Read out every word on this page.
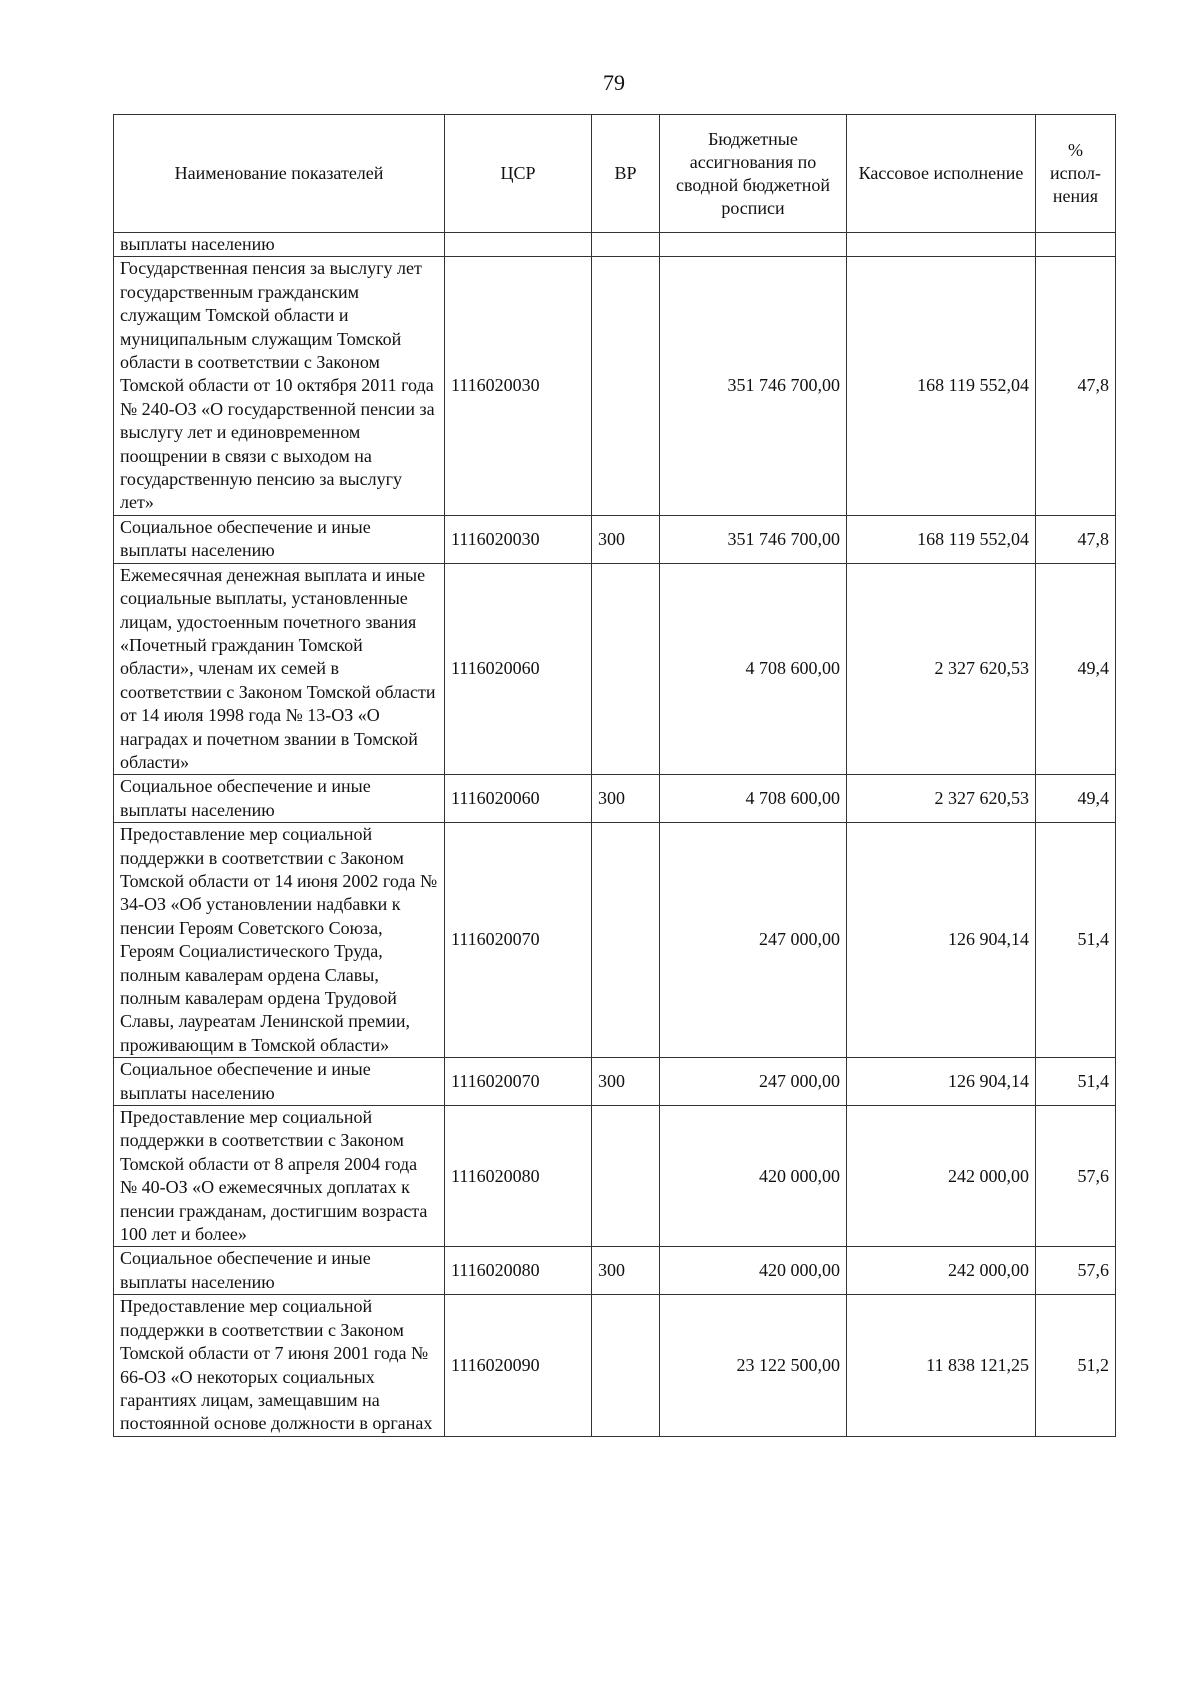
79
Наименование показателей	ЦСР	ВР	Бюджетные ассигнования по сводной бюджетной росписи	Кассовое исполнение	% испол-нения
выплаты населению					
Государственная пенсия за выслугу лет государственным гражданским служащим Томской области и муниципальным служащим Томской области в соответствии с Законом Томской области от 10 октября 2011 года № 240-ОЗ «О государственной пенсии за выслугу лет и единовременном поощрении в связи с выходом на государственную пенсию за выслугу лет»	1116020030		351 746 700,00	168 119 552,04	47,8
Социальное обеспечение и иные выплаты населению	1116020030	300	351 746 700,00	168 119 552,04	47,8
Ежемесячная денежная выплата и иные социальные выплаты, установленные лицам, удостоенным почетного звания «Почетный гражданин Томской области», членам их семей в соответствии с Законом Томской области от 14 июля 1998 года № 13-ОЗ «О наградах и почетном звании в Томской области»	1116020060		4 708 600,00	2 327 620,53	49,4
Социальное обеспечение и иные выплаты населению	1116020060	300	4 708 600,00	2 327 620,53	49,4
Предоставление мер социальной поддержки в соответствии с Законом Томской области от 14 июня 2002 года № 34-ОЗ «Об установлении надбавки к пенсии Героям Советского Союза, Героям Социалистического Труда, полным кавалерам ордена Славы, полным кавалерам ордена Трудовой Славы, лауреатам Ленинской премии, проживающим в Томской области»	1116020070		247 000,00	126 904,14	51,4
Социальное обеспечение и иные выплаты населению	1116020070	300	247 000,00	126 904,14	51,4
Предоставление мер социальной поддержки в соответствии с Законом Томской области от 8 апреля 2004 года № 40-ОЗ «О ежемесячных доплатах к пенсии гражданам, достигшим возраста 100 лет и более»	1116020080		420 000,00	242 000,00	57,6
Социальное обеспечение и иные выплаты населению	1116020080	300	420 000,00	242 000,00	57,6
Предоставление мер социальной поддержки в соответствии с Законом Томской области от 7 июня 2001 года № 66-ОЗ «О некоторых социальных гарантиях лицам, замещавшим на постоянной основе должности в органах	1116020090		23 122 500,00	11 838 121,25	51,2
